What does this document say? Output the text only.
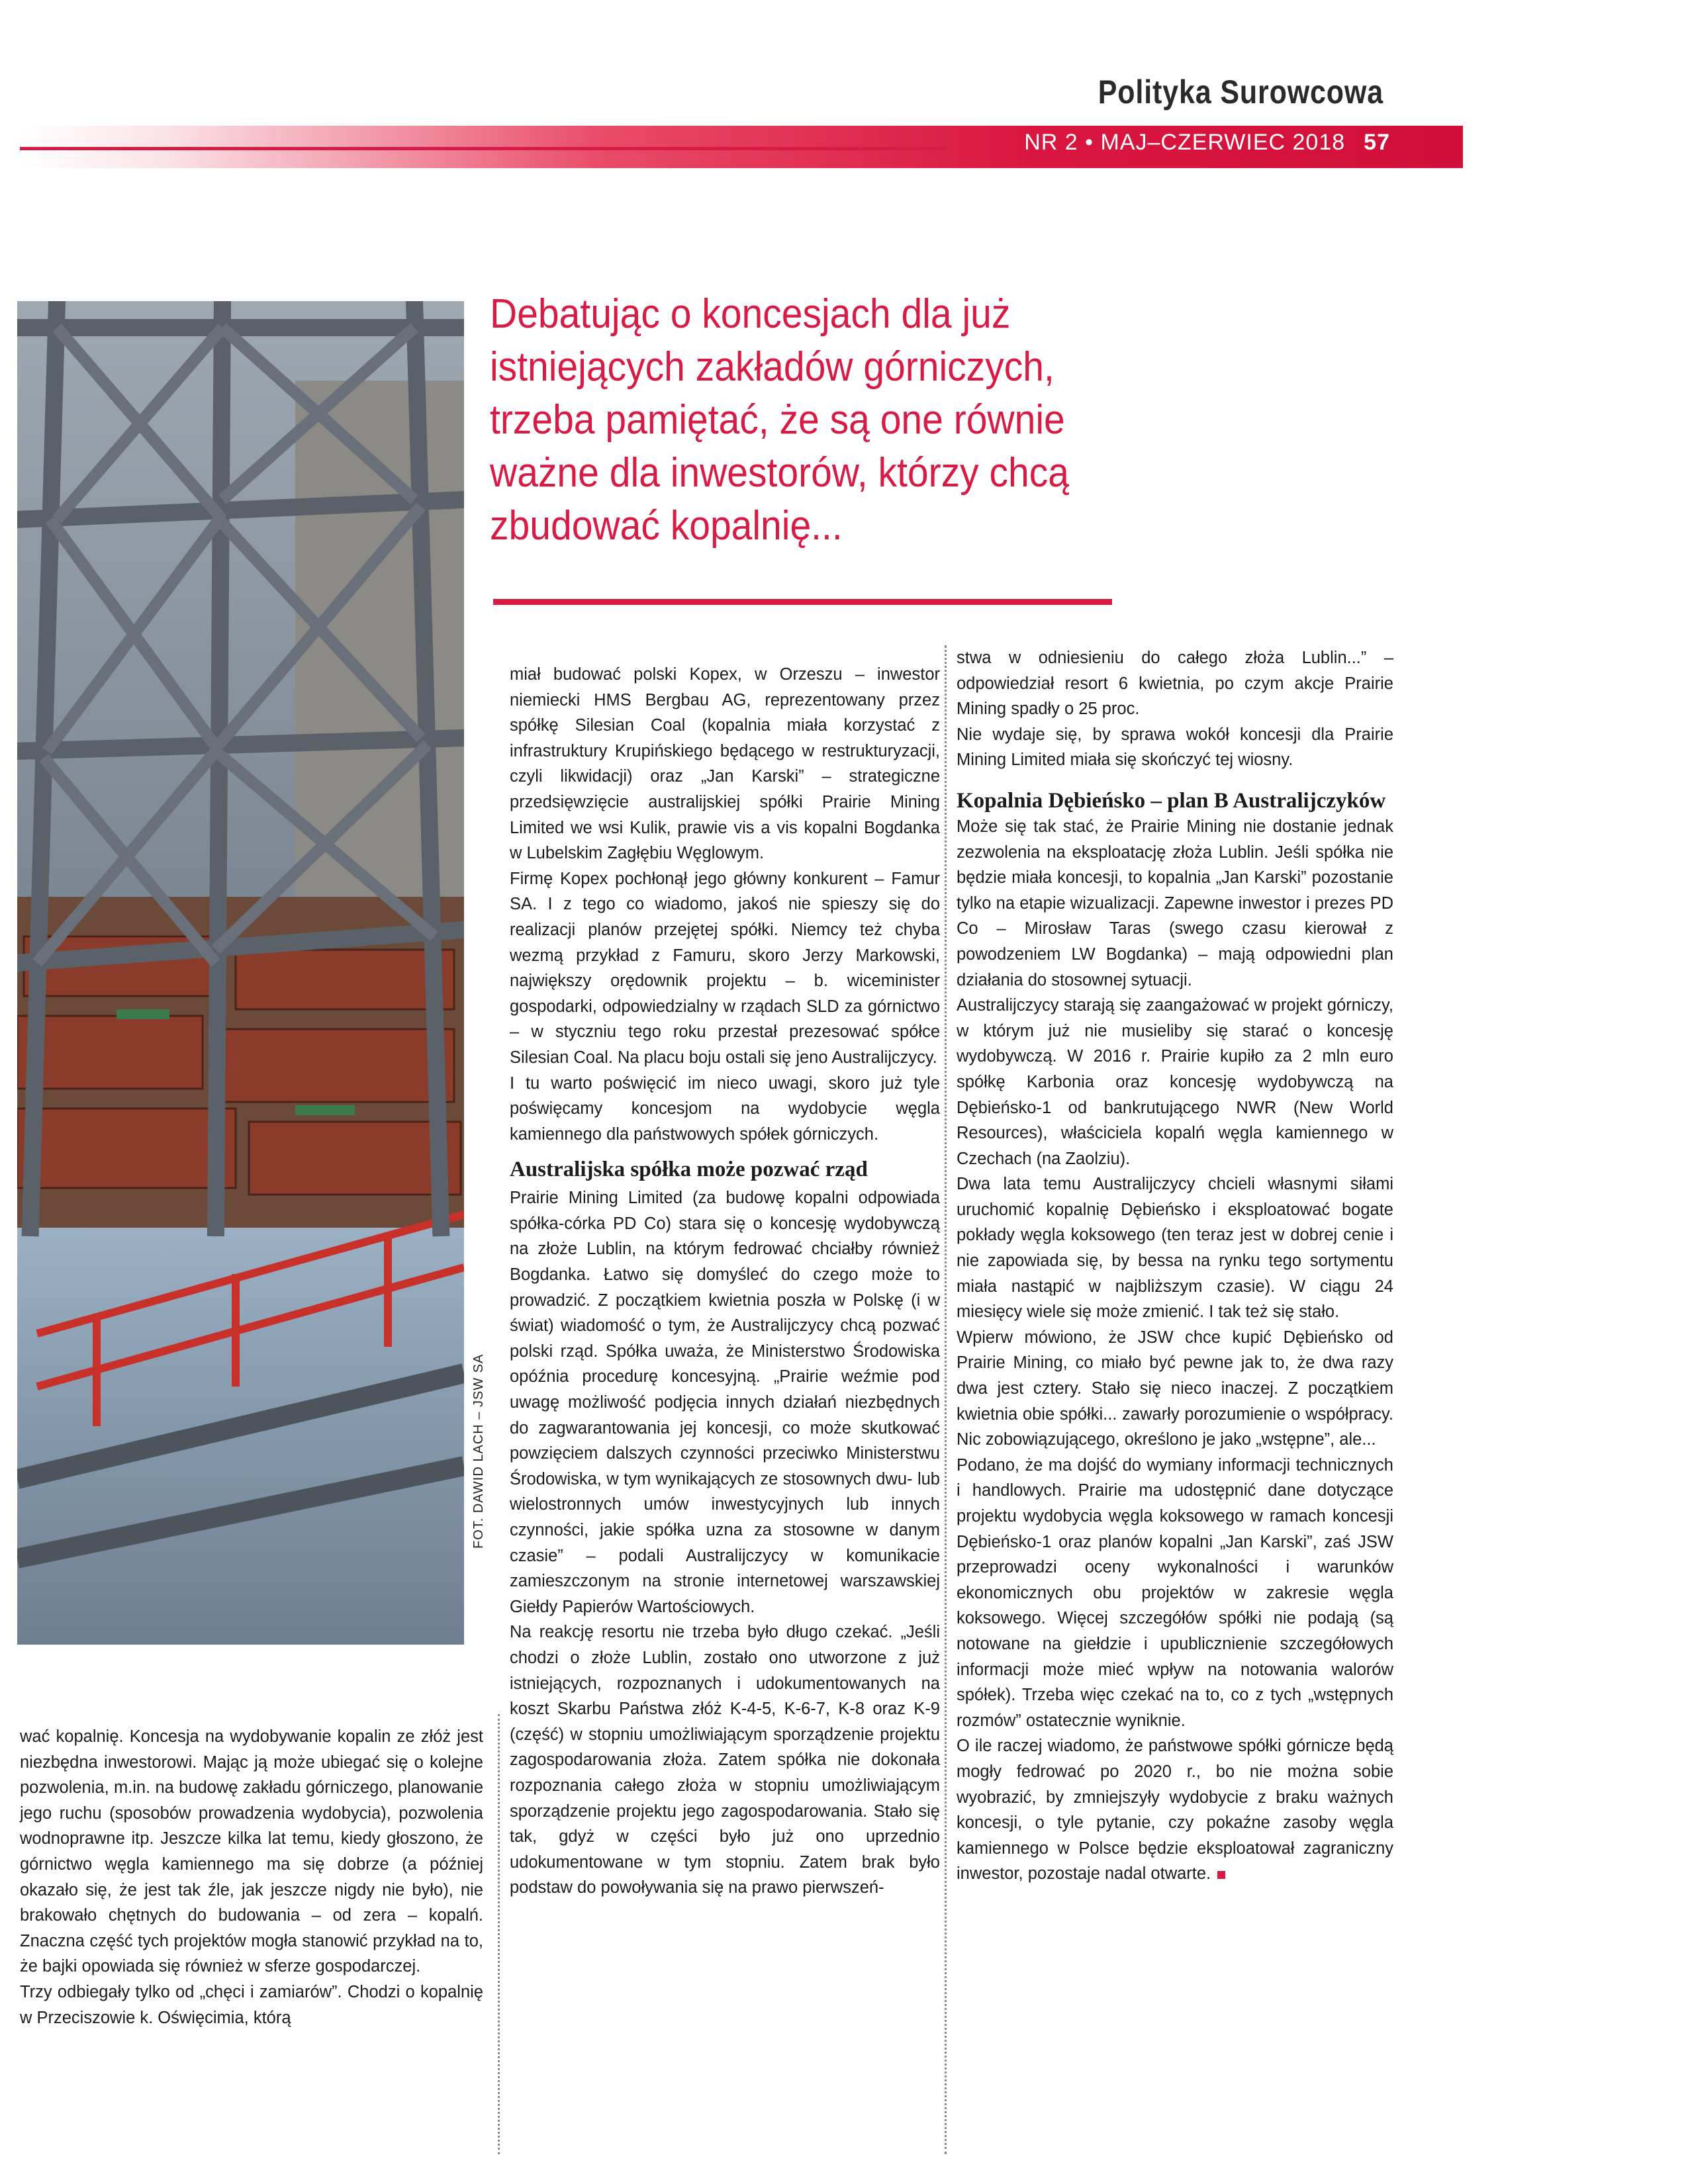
Polityka Surowcowa
NR 2 • MAJ–CZERWIEC 2018 57
FOT. DAWID LACH – JSW SA
Debatując o koncesjach dla już istniejących zakładów górniczych, trzeba pamiętać, że są one równie ważne dla inwestorów, którzy chcą zbudować kopalnię...

wać kopalnię. Koncesja na wydobywanie kopalin ze złóż jest niezbędna inwestorowi. Mając ją może ubiegać się o kolejne pozwolenia, m.in. na budowę zakładu górniczego, planowanie jego ruchu (sposobów prowadzenia wydobycia), pozwolenia wodnoprawne itp. Jeszcze kilka lat temu, kiedy głoszono, że górnictwo węgla kamiennego ma się dobrze (a później okazało się, że jest tak źle, jak jeszcze nigdy nie było), nie brakowało chętnych do budowania – od zera – kopalń. Znaczna część tych projektów mogła stanowić przykład na to, że bajki opowiada się również w sferze gospodarczej.

Trzy odbiegały tylko od „chęci i zamiarów”. Chodzi o kopalnię w Przeciszowie k. Oświęcimia, którą

miał budować polski Kopex, w Orzeszu – inwestor niemiecki HMS Bergbau AG, reprezentowany przez spółkę Silesian Coal (kopalnia miała korzystać z infrastruktury Krupińskiego będącego w restrukturyzacji, czyli likwidacji) oraz „Jan Karski” – strategiczne przedsięwzięcie australijskiej spółki Prairie Mining Limited we wsi Kulik, prawie vis a vis kopalni Bogdanka w Lubelskim Zagłębiu Węglowym.

Firmę Kopex pochłonął jego główny konkurent – Famur SA. I z tego co wiadomo, jakoś nie spieszy się do realizacji planów przejętej spółki. Niemcy też chyba wezmą przykład z Famuru, skoro Jerzy Markowski, największy orędownik projektu – b. wiceminister gospodarki, odpowiedzialny w rządach SLD za górnictwo – w styczniu tego roku przestał prezesować spółce Silesian Coal. Na placu boju ostali się jeno Australijczycy.

I tu warto poświęcić im nieco uwagi, skoro już tyle poświęcamy koncesjom na wydobycie węgla kamiennego dla państwowych spółek górniczych.

Australijska spółka może pozwać rząd

Prairie Mining Limited (za budowę kopalni odpowiada spółka-córka PD Co) stara się o koncesję wydobywczą na złoże Lublin, na którym fedrować chciałby również Bogdanka. Łatwo się domyśleć do czego może to prowadzić. Z początkiem kwietnia poszła w Polskę (i w świat) wiadomość o tym, że Australijczycy chcą pozwać polski rząd. Spółka uważa, że Ministerstwo Środowiska opóźnia procedurę koncesyjną. „Prairie weźmie pod uwagę możliwość podjęcia innych działań niezbędnych do zagwarantowania jej koncesji, co może skutkować powzięciem dalszych czynności przeciwko Ministerstwu Środowiska, w tym wynikających ze stosownych dwu- lub wielostronnych umów inwestycyjnych lub innych czynności, jakie spółka uzna za stosowne w danym czasie” – podali Australijczycy w komunikacie zamieszczonym na stronie internetowej warszawskiej Giełdy Papierów Wartościowych.

Na reakcję resortu nie trzeba było długo czekać. „Jeśli chodzi o złoże Lublin, zostało ono utworzone z już istniejących, rozpoznanych i udokumentowanych na koszt Skarbu Państwa złóż K-4-5, K-6-7, K-8 oraz K-9 (część) w stopniu umożliwiającym sporządzenie projektu zagospodarowania złoża. Zatem spółka nie dokonała rozpoznania całego złoża w stopniu umożliwiającym sporządzenie projektu jego zagospodarowania. Stało się tak, gdyż w części było już ono uprzednio udokumentowane w tym stopniu. Zatem brak było podstaw do powoływania się na prawo pierwszeń-

stwa w odniesieniu do całego złoża Lublin...” – odpowiedział resort 6 kwietnia, po czym akcje Prairie Mining spadły o 25 proc.

Nie wydaje się, by sprawa wokół koncesji dla Prairie Mining Limited miała się skończyć tej wiosny.

Kopalnia Dębieńsko – plan B Australijczyków

Może się tak stać, że Prairie Mining nie dostanie jednak zezwolenia na eksploatację złoża Lublin. Jeśli spółka nie będzie miała koncesji, to kopalnia „Jan Karski” pozostanie tylko na etapie wizualizacji. Zapewne inwestor i prezes PD Co – Mirosław Taras (swego czasu kierował z powodzeniem LW Bogdanka) – mają odpowiedni plan działania do stosownej sytuacji.

Australijczycy starają się zaangażować w projekt górniczy, w którym już nie musieliby się starać o koncesję wydobywczą. W 2016 r. Prairie kupiło za 2 mln euro spółkę Karbonia oraz koncesję wydobywczą na Dębieńsko-1 od bankrutującego NWR (New World Resources), właściciela kopalń węgla kamiennego w Czechach (na Zaolziu).

Dwa lata temu Australijczycy chcieli własnymi siłami uruchomić kopalnię Dębieńsko i eksploatować bogate pokłady węgla koksowego (ten teraz jest w dobrej cenie i nie zapowiada się, by bessa na rynku tego sortymentu miała nastąpić w najbliższym czasie). W ciągu 24 miesięcy wiele się może zmienić. I tak też się stało.

Wpierw mówiono, że JSW chce kupić Dębieńsko od Prairie Mining, co miało być pewne jak to, że dwa razy dwa jest cztery. Stało się nieco inaczej. Z początkiem kwietnia obie spółki... zawarły porozumienie o współpracy. Nic zobowiązującego, określono je jako „wstępne”, ale...

Podano, że ma dojść do wymiany informacji technicznych i handlowych. Prairie ma udostępnić dane dotyczące projektu wydobycia węgla koksowego w ramach koncesji Dębieńsko-1 oraz planów kopalni „Jan Karski”, zaś JSW przeprowadzi oceny wykonalności i warunków ekonomicznych obu projektów w zakresie węgla koksowego. Więcej szczegółów spółki nie podają (są notowane na giełdzie i upublicznienie szczegółowych informacji może mieć wpływ na notowania walorów spółek). Trzeba więc czekać na to, co z tych „wstępnych rozmów” ostatecznie wyniknie.

O ile raczej wiadomo, że państwowe spółki górnicze będą mogły fedrować po 2020 r., bo nie można sobie wyobrazić, by zmniejszyły wydobycie z braku ważnych koncesji, o tyle pytanie, czy pokaźne zasoby węgla kamiennego w Polsce będzie eksploatował zagraniczny inwestor, pozostaje nadal otwarte.
